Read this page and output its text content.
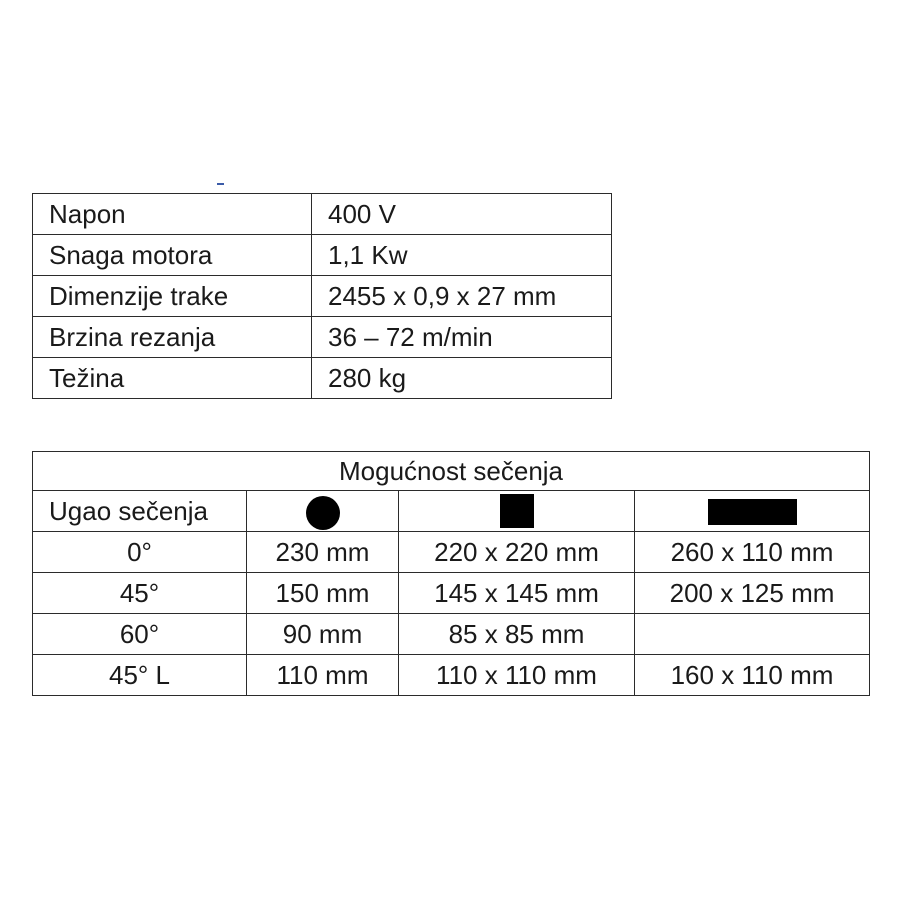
Napon	400 V
Snaga motora	1,1 Kw
Dimenzije trake	2455 x 0,9 x 27 mm
Brzina rezanja	36 – 72 m/min
Težina	280 kg
Mogućnost sečenja			
Ugao sečenja			
0°	230 mm	220 x 220 mm	260 x 110 mm
45°	150 mm	145 x 145 mm	200 x 125 mm
60°	90 mm	85 x 85 mm	
45° L	110 mm	110 x 110 mm	160 x 110 mm
